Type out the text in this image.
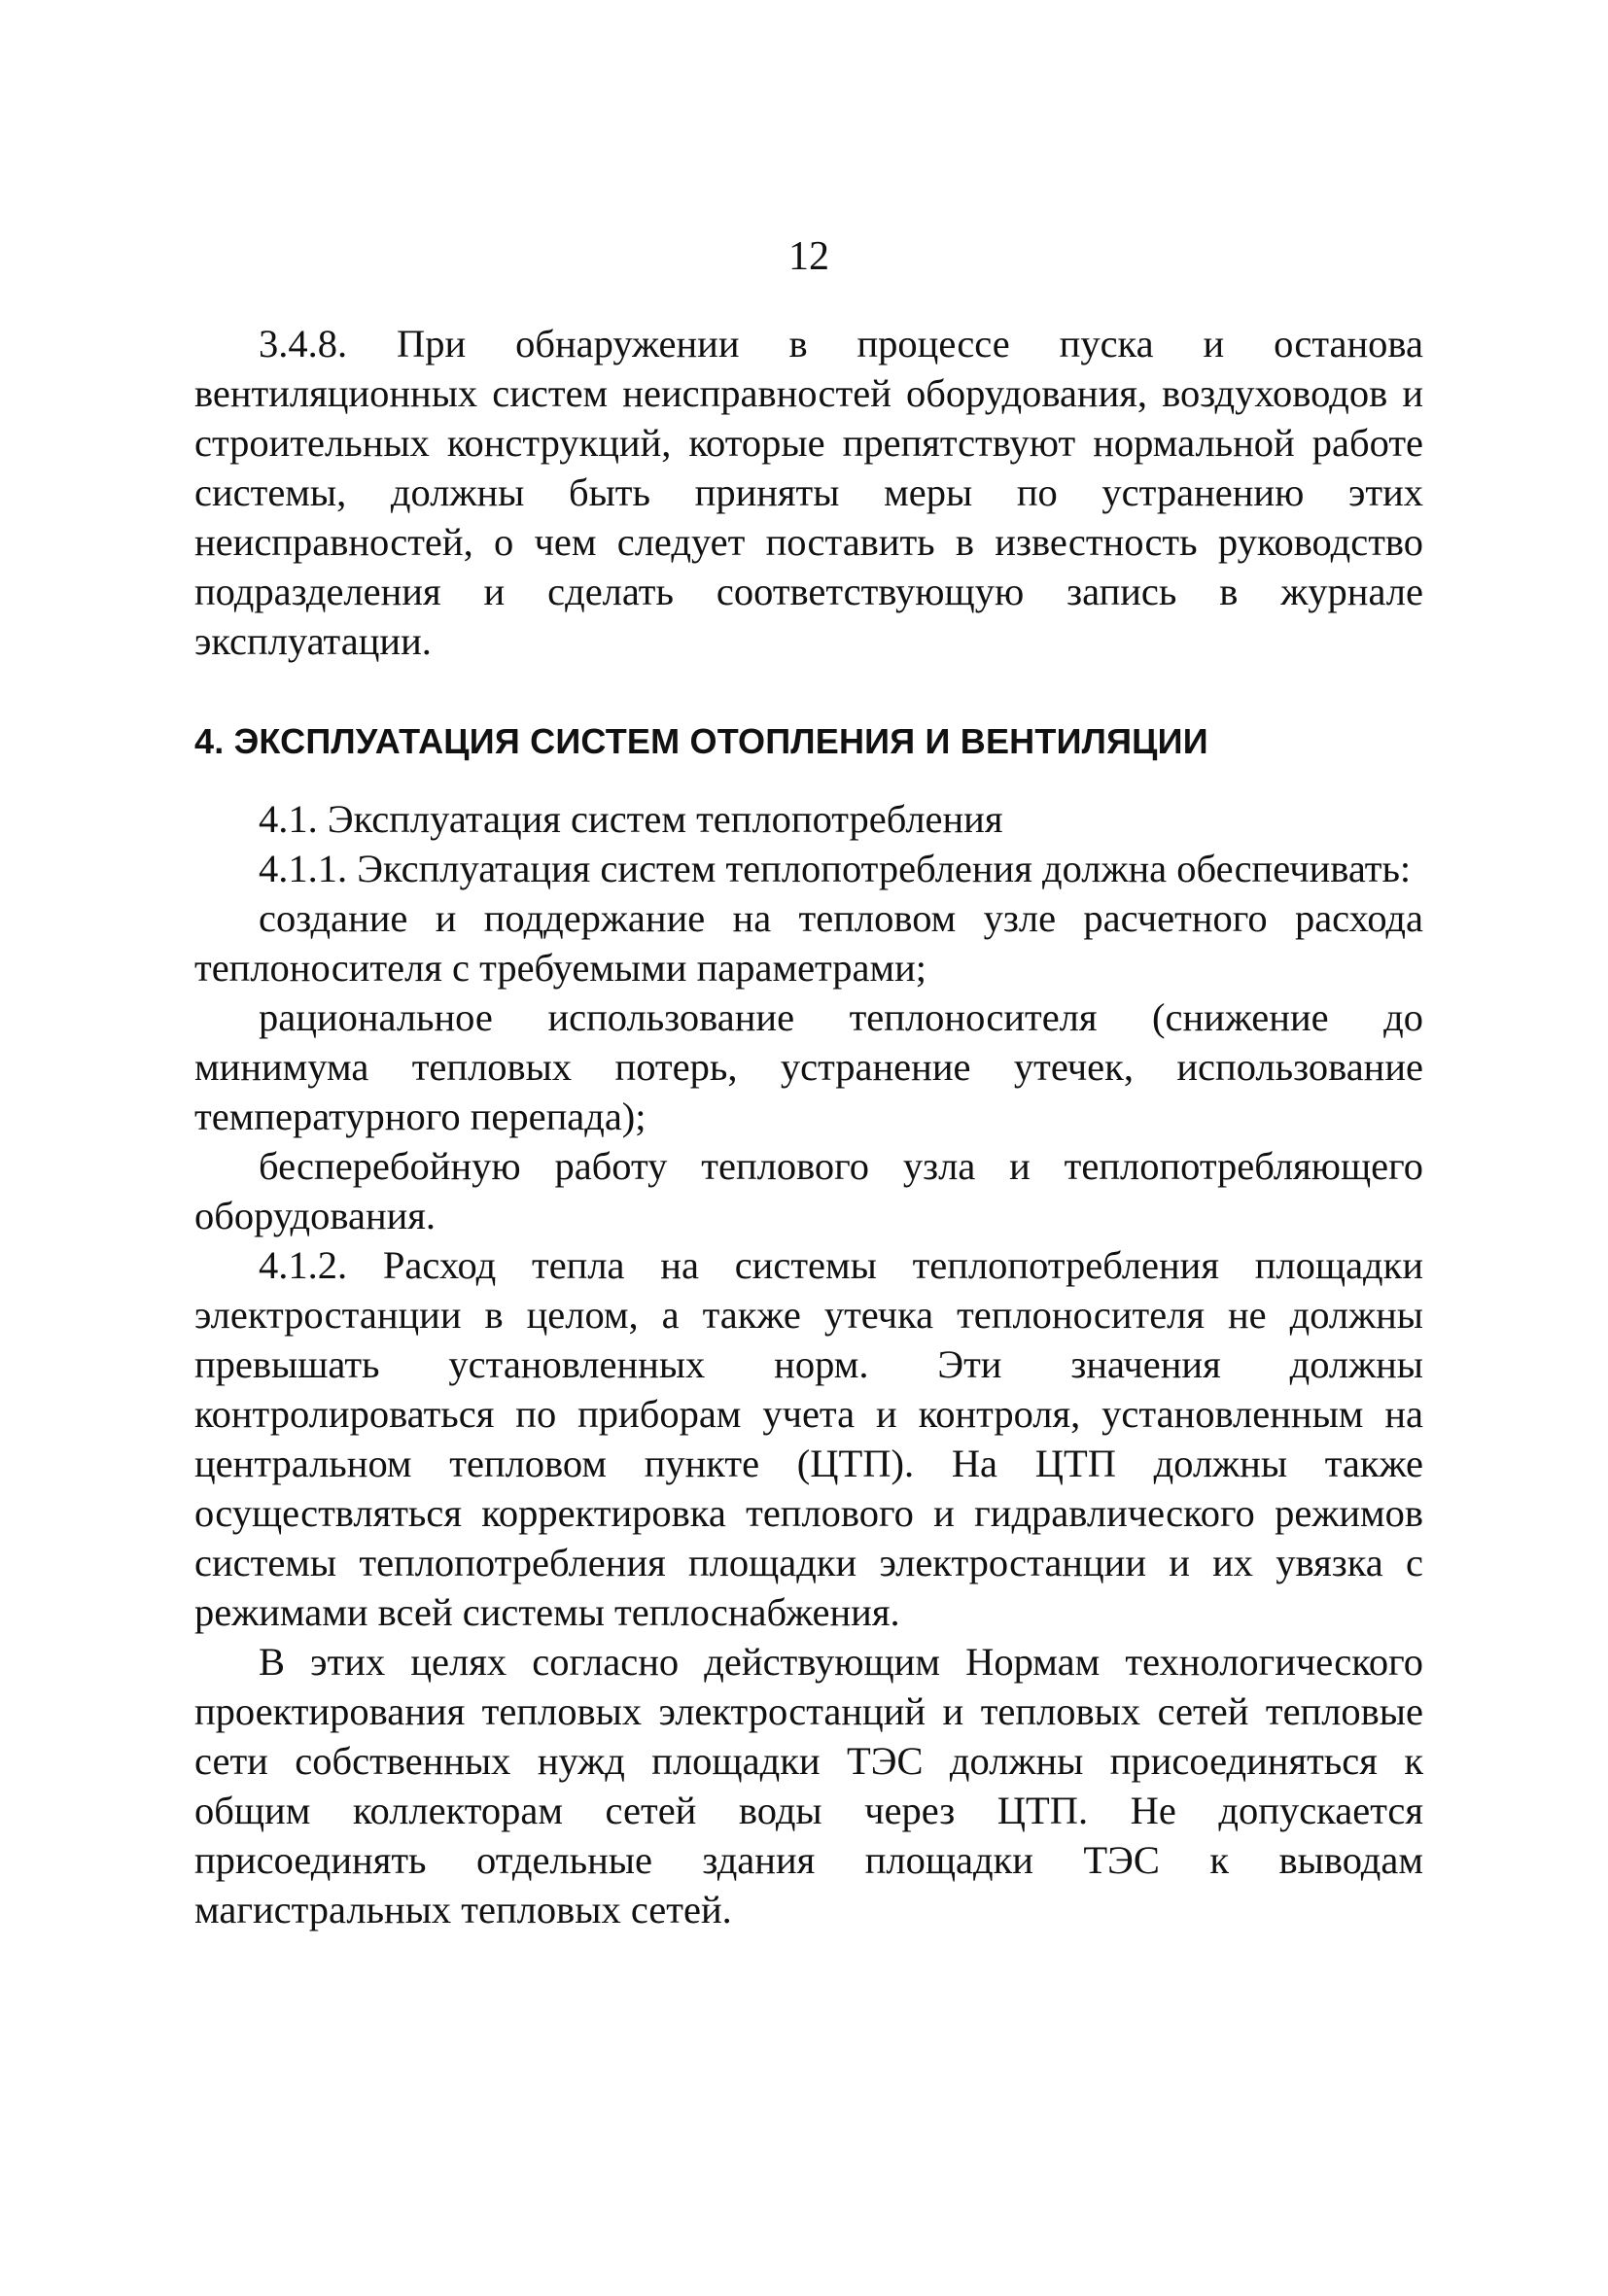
12

3.4.8. При обнаружении в процессе пуска и останова вентиляционных систем неисправностей оборудования, воздуховодов и строительных конструкций, которые препятствуют нормальной работе системы, должны быть приняты меры по устранению этих неисправностей, о чем следует поставить в известность руководство подразделения и сделать соответствующую запись в журнале эксплуатации.

4. ЭКСПЛУАТАЦИЯ СИСТЕМ ОТОПЛЕНИЯ И ВЕНТИЛЯЦИИ

4.1. Эксплуатация систем теплопотребления

4.1.1. Эксплуатация систем теплопотребления должна обеспечивать:

создание и поддержание на тепловом узле расчетного расхода теплоносителя с требуемыми параметрами;

рациональное использование теплоносителя (снижение до минимума тепловых потерь, устранение утечек, использование температурного перепада);

бесперебойную работу теплового узла и теплопотребляющего оборудования.

4.1.2. Расход тепла на системы теплопотребления площадки электростанции в целом, а также утечка теплоносителя не должны превышать установленных норм. Эти значения должны контролироваться по приборам учета и контроля, установленным на центральном тепловом пункте (ЦТП). На ЦТП должны также осуществляться корректировка теплового и гидравлического режимов системы теплопотребления площадки электростанции и их увязка с режимами всей системы теплоснабжения.

В этих целях согласно действующим Нормам технологического проектирования тепловых электростанций и тепловых сетей тепловые сети собственных нужд площадки ТЭС должны присоединяться к общим коллекторам сетей воды через ЦТП. Не допускается присоединять отдельные здания площадки ТЭС к выводам магистральных тепловых сетей.
